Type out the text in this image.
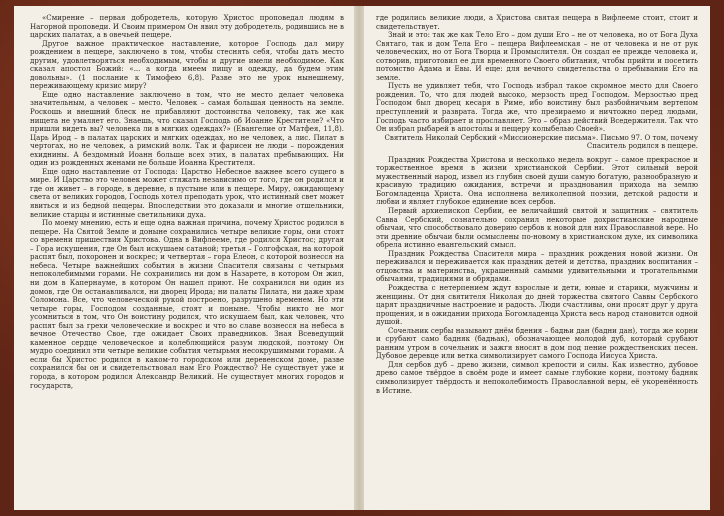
«Смирение – первая добродетель, которую Христос проповедал людям в Нагорной проповеди. И Своим примером Он явил эту добродетель, родившись не в царских палатах, а в овечьей пещере.

Другое важное практическое наставление, которое Господь дал миру рождением в пещере, заключено в том, чтобы стеснять себя, чтобы дать место другим, удовлетворяться необходимым, чтобы и другие имели необходимое. Как сказал апостол Божий: «... а когда имеем пищу и одежду, да будем этим довольны». (1 послание к Тимофею 6,8). Разве это не урок нынешнему, переживающему кризис миру?

Еще одно наставление заключено в том, что не место делает человека значительным, а человек – место. Человек – самая большая ценность на земле. Роскошь и внешний блеск не прибавляют достоинства человеку, так же как нищета не умаляет его. Знаешь, что сказал Господь об Иоанне Крестителе? «Что пришли видеть вы? человека ли в мягких одеждах?» (Евангелие от Матфея, 11,8). Царь Ирод – в палатах царских и мягких одеждах, но не человек, а лис. Пилат в чертогах, но не человек, а римский волк. Так и фарисеи не люди – порождения ехиднины. А бездомный Иоанн больше всех этих, в палатах пребывающих. Ни один из рожденных женами не больше Иоанна Крестителя.

Еще одно наставление от Господа: Царство Небесное важнее всего сущего в мире. И Царство это человек может стяжать независимо от того, где он родился и где он живет – в городе, в деревне, в пустыне или в пещере. Миру, ожидающему света от великих городов, Господь хотел преподать урок, что истинный свет может явиться и из бедной пещеры. Впоследствии это доказали и многие отшельники, великие старцы и истинные светильники духа.

По моему мнению, есть и еще одна важная причина, почему Христос родился в пещере. На Святой Земле и доныне сохранились четыре великие горы, они стоят со времени пришествия Христова. Одна в Вифлееме, где родился Христос; другая – Гора искушения, где Он был искушаем сатаной; третья – Голгофская, на которой распят был, похоронен и воскрес; и четвертая – гора Елеон, с которой вознесся на небеса. Четыре важнейших события в жизни Спасителя связаны с четырьмя непоколебимыми горами. Не сохранились ни дом в Назарете, в котором Он жил, ни дом в Капернауме, в котором Он нашел приют. Не сохранился ни один из домов, где Он останавливался, ни дворец Ирода; ни палаты Пилата, ни даже храм Соломона. Все, что человеческой рукой построено, разрушено временем. Но эти четыре горы, Господом созданные, стоят и поныне. Чтобы никто не мог усомниться в том, что Он воистину родился, что искушаем был, как человек, что распят был за грехи человеческие и воскрес и что во славе вознесся на небеса в вечное Отечество Свое, где ожидает Своих праведников. Зная Всеведущий каменное сердце человеческое и колеблющийся разум людской, поэтому Он мудро соединил эти четыре великие события четырьмя несокрушимыми горами. А если бы Христос родился в каком-то городском или деревенском доме, разве сохранился бы он и свидетельствовал нам Его Рождество? Не существует уже и города, в котором родился Александр Великий. Не существует многих городов и государств,

где родились великие люди, а Христова святая пещера в Вифлееме стоит, стоит и свидетельствует.

Знай и это: так же как Тело Его – дом души Его – не от человека, но от Бога Духа Святаго, так и дом Тела Его – пещера Вифлеемская – не от человека и не от рук человеческих, но от Бога Творца и Промыслителя. Он создал ее прежде человека и, сотворив, приготовил ее для временного Своего обитания, чтобы прийти и посетить потомство Адама и Евы. И еще: для вечного свидетельства о пребывании Его на земле.

Пусть не удивляет тебя, что Господь избрал такое скромное место для Своего рождения. То, что для людей высоко, мерзость пред Господом. Мерзостью пред Господом был дворец кесаря в Риме, ибо воистину был разбойничьим вертепом преступлений и разврата. Тогда же, что презираемо и ничтожно перед людьми, Господь часто избирает и прославляет. Это – образ действий Вседержителя. Так что Он избрал рыбарей в апостолы и пещеру колыбелью Своей».

Святитель Николай Сербский «Миссионерские письма». Письмо 97. О том, почему Спаситель родился в пещере.

Праздник Рождества Христова и несколько недель вокруг – самое прекрасное и торжественное время в жизни христианской Сербии. Этот сильный верой мужественный народ, извел из глубин своей души самую богатую, разнообразную и красивую традицию ожидания, встречи и празднования прихода на землю Богомладенца Христа. Она исполнена великолепной поэзии, детской радости и любви и являет глубокое единение всех сербов.

Первый архиепископ Сербии, ее величайший святой и защитник – святитель Савва Сербский, сознательно сохранил некоторые дохристианские народные обычаи, что способствовало доверию сербов к новой для них Православной вере. Но эти древние обычаи были осмыслены по-новому в христианском духе, их символика обрела истинно евангельский смысл.

Праздник Рождества Спасителя мира – праздник рождения новой жизни. Он переживался и переживается как праздник детей и детства, праздник воспитания – отцовства и материнства, украшенный самыми удивительными и трогательными обычаями, традициями и обрядами.

Рождества с нетерпением ждут взрослые и дети, юные и старики, мужчины и женщины. От дня святителя Николая до дней торжества святого Саввы Сербского царят праздничные настроение и радость. Люди счастливы, они просят друг у друга прощения, и в ожидании прихода Богомладенца Христа весь народ становится одной душой.

Сочельник сербы называют днём бдения – бадњи дан (бадни дан), тогда же корни и срубают само бадняк (бадњак), обозначающее молодой дуб, который срубают ранним утром в сочельник и зажгя вносят в дом под пение рождественских песен. Дубовое деревце или ветка символизирует самого Господа Иисуса Христа.

Для сербов дуб – древо жизни, символ крепости и силы. Как известно, дубовое древо самое твёрдое в своём роде и имеет самые глубокие корни, поэтому бадняк символизирует твёрдость и непоколебимость Православной веры, её укоренённость в Истине.
